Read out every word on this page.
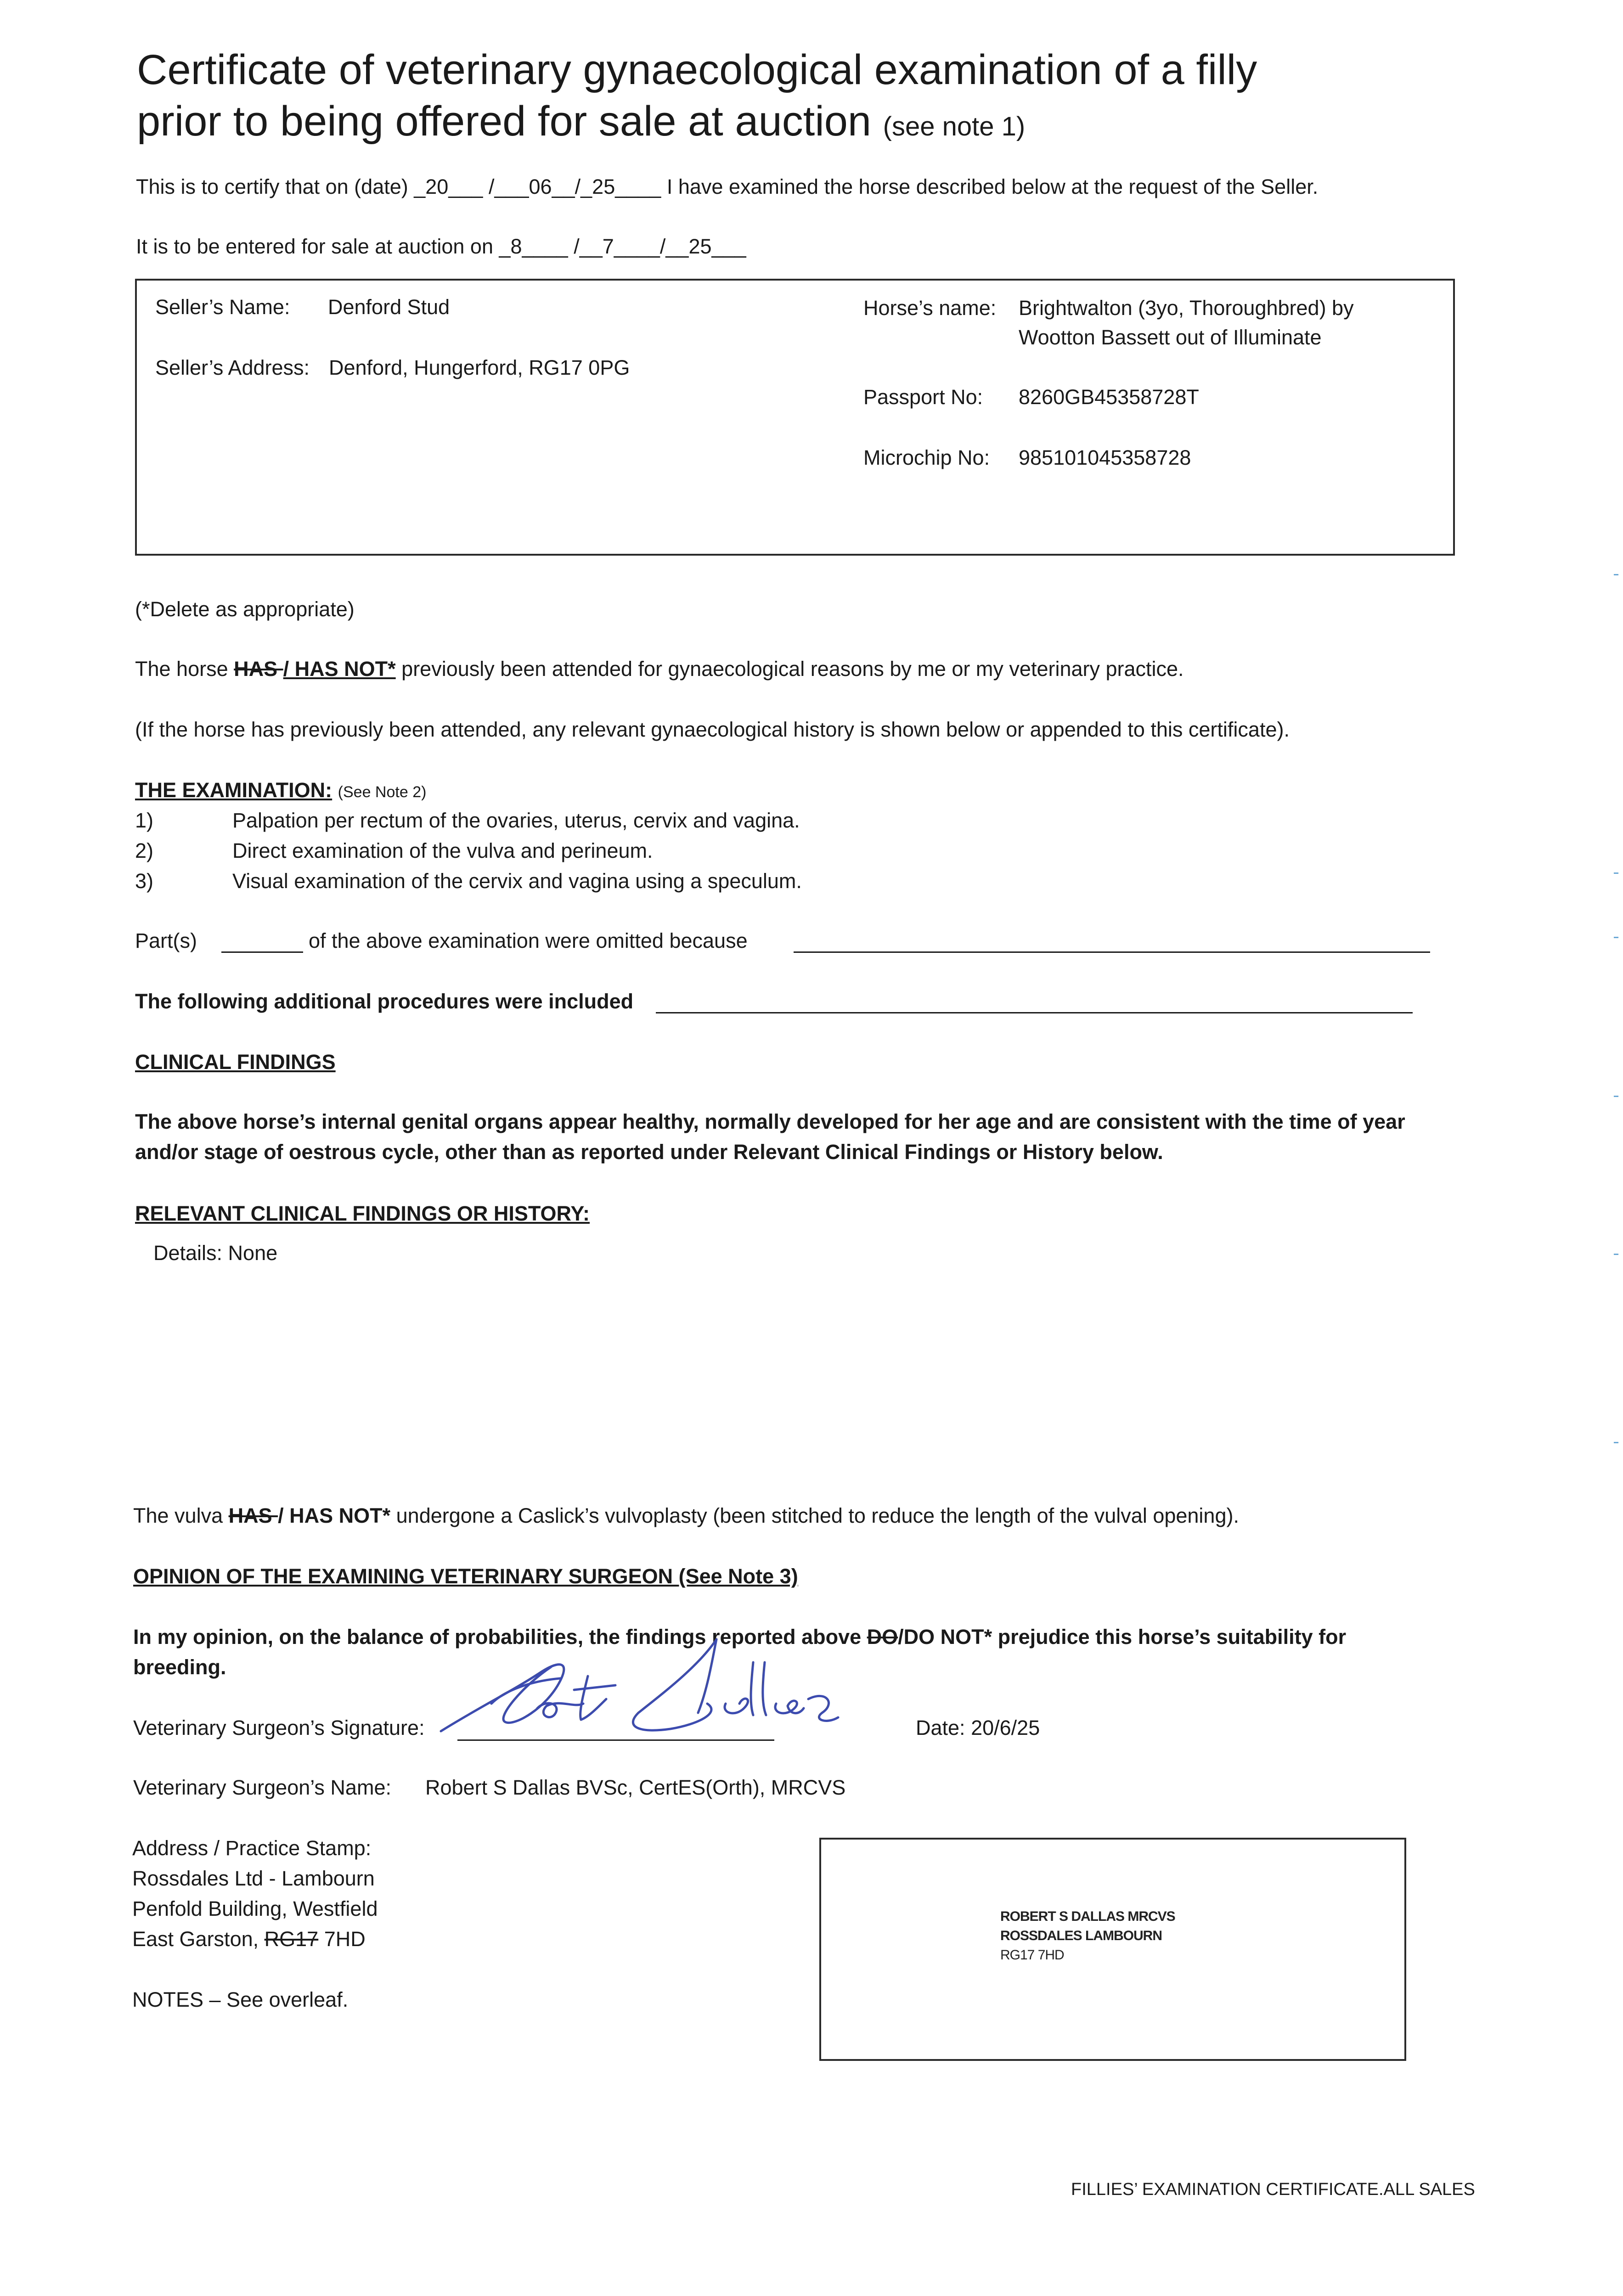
Certificate of veterinary gynaecological examination of a filly
prior to being offered for sale at auction (see note 1)
This is to certify that on (date) _20___ /___06__/_25____ I have examined the horse described below at the request of the Seller.
It is to be entered for sale at auction on _8____ /__7____/__25___
Seller’s Name: Denford Stud
Seller’s Address: Denford, Hungerford, RG17 0PG
Horse’s name: Brightwalton (3yo, Thoroughbred) by
Wootton Bassett out of Illuminate
Passport No: 8260GB45358728T
Microchip No: 985101045358728
(*Delete as appropriate)
The horse HAS / HAS NOT* previously been attended for gynaecological reasons by me or my veterinary practice.
(If the horse has previously been attended, any relevant gynaecological history is shown below or appended to this certificate).
THE EXAMINATION: (See Note 2)
1)	Palpation per rectum of the ovaries, uterus, cervix and vagina.
2)	Direct examination of the vulva and perineum.
3)	Visual examination of the cervix and vagina using a speculum.
Part(s)	of the above examination were omitted because
The following additional procedures were included
CLINICAL FINDINGS
The above horse’s internal genital organs appear healthy, normally developed for her age and are consistent with the time of year
and/or stage of oestrous cycle, other than as reported under Relevant Clinical Findings or History below.
RELEVANT CLINICAL FINDINGS OR HISTORY:
Details: None
The vulva HAS / HAS NOT* undergone a Caslick’s vulvoplasty (been stitched to reduce the length of the vulval opening).
OPINION OF THE EXAMINING VETERINARY SURGEON (See Note 3)
In my opinion, on the balance of probabilities, the findings reported above DO/DO NOT* prejudice this horse’s suitability for
breeding.
Veterinary Surgeon’s Signature:	Date: 20/6/25
Veterinary Surgeon’s Name: Robert S Dallas BVSc, CertES(Orth), MRCVS
Address / Practice Stamp:
Rossdales Ltd - Lambourn
Penfold Building, Westfield
East Garston, RG17 7HD
NOTES – See overleaf.
ROBERT S DALLAS MRCVS
ROSSDALES LAMBOURN
RG17 7HD
FILLIES’ EXAMINATION CERTIFICATE.ALL SALES
